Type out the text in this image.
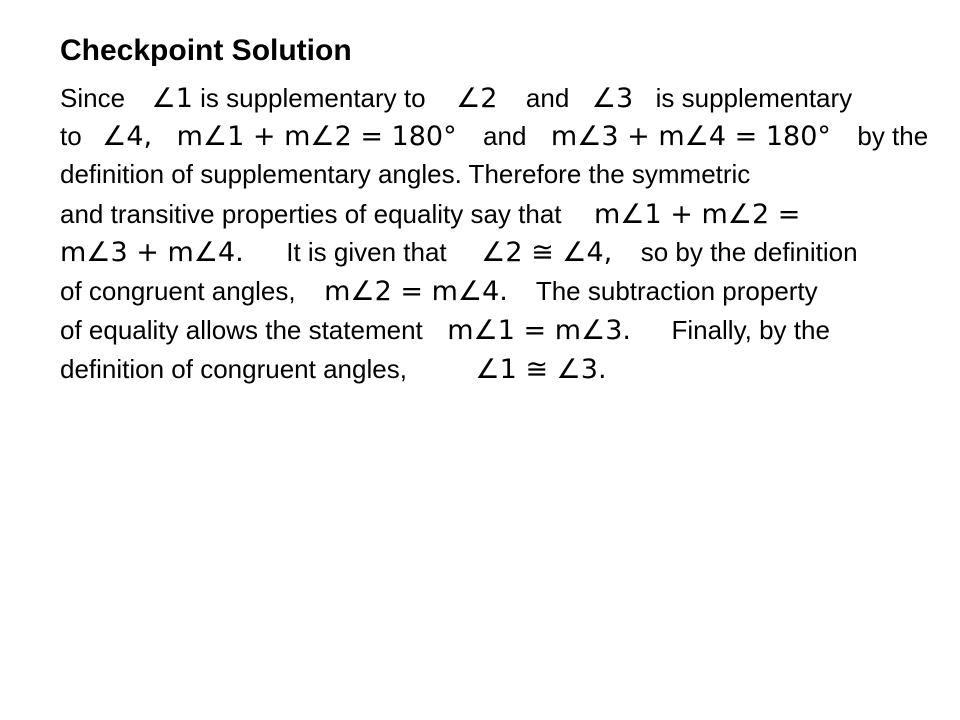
Checkpoint Solution
Since ∠1 is supplementary to ∠2 and ∠3 is supplementary
to ∠4, m∠1 + m∠2 = 180° and m∠3 + m∠4 = 180° by the
definition of supplementary angles. Therefore the symmetric
and transitive properties of equality say that m∠1 + m∠2 =
m∠3 + m∠4. It is given that ∠2 ≅ ∠4, so by the definition
of congruent angles, m∠2 = m∠4. The subtraction property
of equality allows the statement m∠1 = m∠3. Finally, by the
definition of congruent angles,	∠1 ≅ ∠3.
